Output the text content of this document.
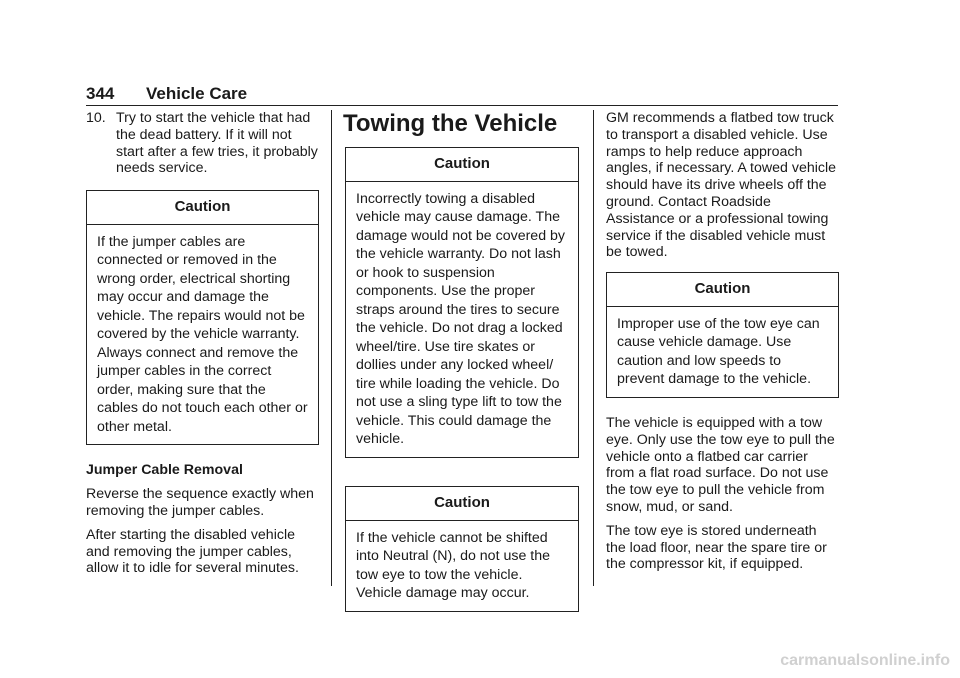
344 Vehicle Care
10. Try to start the vehicle that had the dead battery. If it will not start after a few tries, it probably needs service.
Caution
If the jumper cables are connected or removed in the wrong order, electrical shorting may occur and damage the vehicle. The repairs would not be covered by the vehicle warranty. Always connect and remove the jumper cables in the correct order, making sure that the cables do not touch each other or other metal.

Jumper Cable Removal

Reverse the sequence exactly when removing the jumper cables.

After starting the disabled vehicle and removing the jumper cables, allow it to idle for several minutes.

Towing the Vehicle
Caution
Incorrectly towing a disabled vehicle may cause damage. The damage would not be covered by the vehicle warranty. Do not lash or hook to suspension components. Use the proper straps around the tires to secure the vehicle. Do not drag a locked wheel/tire. Use tire skates or dollies under any locked wheel/ tire while loading the vehicle. Do not use a sling type lift to tow the vehicle. This could damage the vehicle.
Caution
If the vehicle cannot be shifted into Neutral (N), do not use the tow eye to tow the vehicle. Vehicle damage may occur.

GM recommends a flatbed tow truck to transport a disabled vehicle. Use ramps to help reduce approach angles, if necessary. A towed vehicle should have its drive wheels off the ground. Contact Roadside Assistance or a professional towing service if the disabled vehicle must be towed.

Caution
Improper use of the tow eye can cause vehicle damage. Use caution and low speeds to prevent damage to the vehicle.

The vehicle is equipped with a tow eye. Only use the tow eye to pull the vehicle onto a flatbed car carrier from a flat road surface. Do not use the tow eye to pull the vehicle from snow, mud, or sand.

The tow eye is stored underneath the load floor, near the spare tire or the compressor kit, if equipped.

carmanualsonline.info
